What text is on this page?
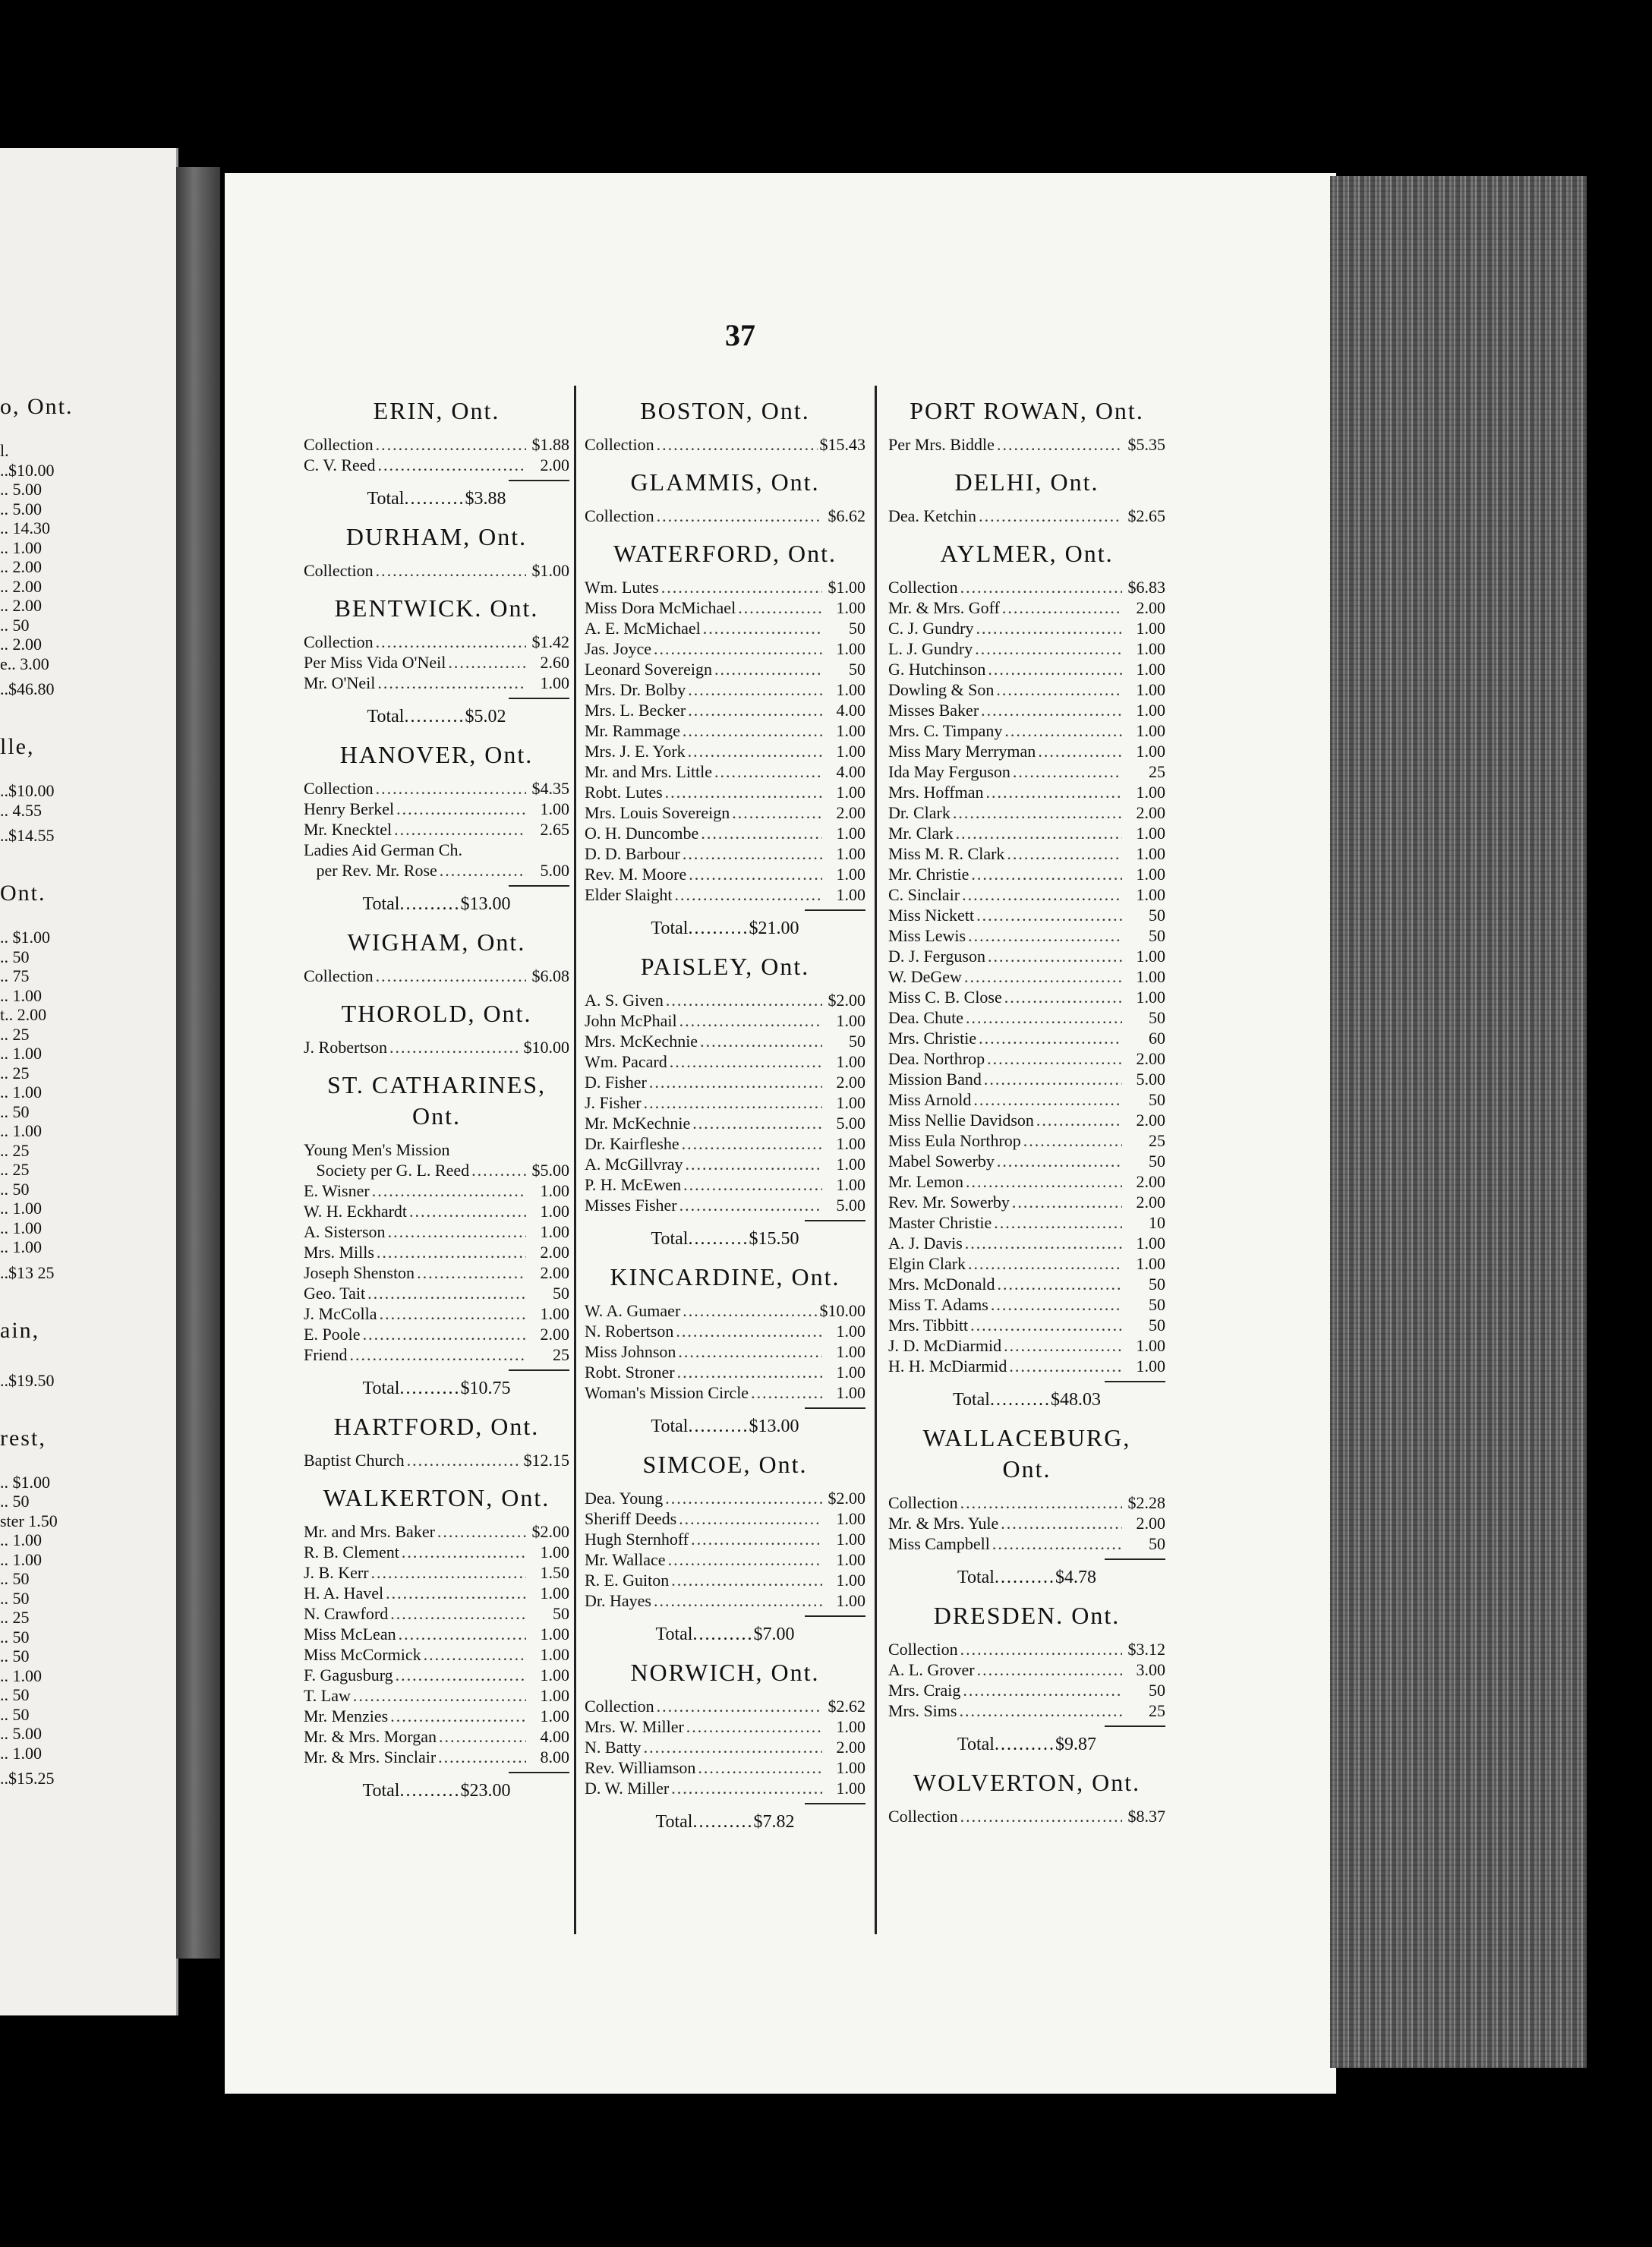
o, Ont.
l.
..$10.00
.. 5.00
.. 5.00
.. 14.30
.. 1.00
.. 2.00
.. 2.00
.. 2.00
.. 50
.. 2.00
e.. 3.00
..$46.80
lle,
..$10.00
.. 4.55
..$14.55
Ont.
.. $1.00
.. 50
.. 75
.. 1.00
t.. 2.00
.. 25
.. 1.00
.. 25
.. 1.00
.. 50
.. 1.00
.. 25
.. 25
.. 50
.. 1.00
.. 1.00
.. 1.00
..$13 25
ain,
..$19.50
rest,
.. $1.00
.. 50
ster 1.50
.. 1.00
.. 1.00
.. 50
.. 50
.. 25
.. 50
.. 50
.. 1.00
.. 50
.. 50
.. 5.00
.. 1.00
..$15.25
37
ERIN, Ont.
Collection .....	$1.88
C. V. Reed .....	2.00
Total .....	$3.88
DURHAM, Ont.
Collection .....	$1.00
BENTWICK. Ont.
Collection .....	$1.42
Per Miss Vida O'Neil .....	2.60
Mr. O'Neil .....	1.00
Total .....	$5.02
HANOVER, Ont.
Collection .....	$4.35
Henry Berkel .....	1.00
Mr. Knecktel .....	2.65
Ladies Aid German Ch.
per Rev. Mr. Rose .....	5.00
Total .....	$13.00
WIGHAM, Ont.
Collection .....	$6.08
THOROLD, Ont.
J. Robertson .....	$10.00
ST. CATHARINES,
Ont.
Young Men's Mission
Society per G. L. Reed .....	$5.00
E. Wisner .....	1.00
W. H. Eckhardt .....	1.00
A. Sisterson .....	1.00
Mrs. Mills .....	2.00
Joseph Shenston .....	2.00
Geo. Tait .....	50
J. McColla .....	1.00
E. Poole .....	2.00
Friend .....	25
Total .....	$10.75
HARTFORD, Ont.
Baptist Church .....	$12.15
WALKERTON, Ont.
Mr. and Mrs. Baker .....	$2.00
R. B. Clement .....	1.00
J. B. Kerr .....	1.50
H. A. Havel .....	1.00
N. Crawford .....	50
Miss McLean .....	1.00
Miss McCormick .....	1.00
F. Gagusburg .....	1.00
T. Law .....	1.00
Mr. Menzies .....	1.00
Mr. & Mrs. Morgan .....	4.00
Mr. & Mrs. Sinclair .....	8.00
Total .....	$23.00
BOSTON, Ont.
Collection .....	$15.43
GLAMMIS, Ont.
Collection .....	$6.62
WATERFORD, Ont.
Wm. Lutes .....	$1.00
Miss Dora McMichael .....	1.00
A. E. McMichael .....	50
Jas. Joyce .....	1.00
Leonard Sovereign .....	50
Mrs. Dr. Bolby .....	1.00
Mrs. L. Becker .....	4.00
Mr. Rammage .....	1.00
Mrs. J. E. York .....	1.00
Mr. and Mrs. Little .....	4.00
Robt. Lutes .....	1.00
Mrs. Louis Sovereign .....	2.00
O. H. Duncombe .....	1.00
D. D. Barbour .....	1.00
Rev. M. Moore .....	1.00
Elder Slaight .....	1.00
Total .....	$21.00
PAISLEY, Ont.
A. S. Given .....	$2.00
John McPhail .....	1.00
Mrs. McKechnie .....	50
Wm. Pacard .....	1.00
D. Fisher .....	2.00
J. Fisher .....	1.00
Mr. McKechnie .....	5.00
Dr. Kairfleshe .....	1.00
A. McGillvray .....	1.00
P. H. McEwen .....	1.00
Misses Fisher .....	5.00
Total .....	$15.50
KINCARDINE, Ont.
W. A. Gumaer .....	$10.00
N. Robertson .....	1.00
Miss Johnson .....	1.00
Robt. Stroner .....	1.00
Woman's Mission Circle .....	1.00
Total .....	$13.00
SIMCOE, Ont.
Dea. Young .....	$2.00
Sheriff Deeds .....	1.00
Hugh Sternhoff .....	1.00
Mr. Wallace .....	1.00
R. E. Guiton .....	1.00
Dr. Hayes .....	1.00
Total .....	$7.00
NORWICH, Ont.
Collection .....	$2.62
Mrs. W. Miller .....	1.00
N. Batty .....	2.00
Rev. Williamson .....	1.00
D. W. Miller .....	1.00
Total .....	$7.82
PORT ROWAN, Ont.
Per Mrs. Biddle .....	$5.35
DELHI, Ont.
Dea. Ketchin .....	$2.65
AYLMER, Ont.
Collection .....	$6.83
Mr. & Mrs. Goff .....	2.00
C. J. Gundry .....	1.00
L. J. Gundry .....	1.00
G. Hutchinson .....	1.00
Dowling & Son .....	1.00
Misses Baker .....	1.00
Mrs. C. Timpany .....	1.00
Miss Mary Merryman .....	1.00
Ida May Ferguson .....	25
Mrs. Hoffman .....	1.00
Dr. Clark .....	2.00
Mr. Clark .....	1.00
Miss M. R. Clark .....	1.00
Mr. Christie .....	1.00
C. Sinclair .....	1.00
Miss Nickett .....	50
Miss Lewis .....	50
D. J. Ferguson .....	1.00
W. DeGew .....	1.00
Miss C. B. Close .....	1.00
Dea. Chute .....	50
Mrs. Christie .....	60
Dea. Northrop .....	2.00
Mission Band .....	5.00
Miss Arnold .....	50
Miss Nellie Davidson .....	2.00
Miss Eula Northrop .....	25
Mabel Sowerby .....	50
Mr. Lemon .....	2.00
Rev. Mr. Sowerby .....	2.00
Master Christie .....	10
A. J. Davis .....	1.00
Elgin Clark .....	1.00
Mrs. McDonald .....	50
Miss T. Adams .....	50
Mrs. Tibbitt .....	50
J. D. McDiarmid .....	1.00
H. H. McDiarmid .....	1.00
Total .....	$48.03
WALLACEBURG,
Ont.
Collection .....	$2.28
Mr. & Mrs. Yule .....	2.00
Miss Campbell .....	50
Total .....	$4.78
DRESDEN. Ont.
Collection .....	$3.12
A. L. Grover .....	3.00
Mrs. Craig .....	50
Mrs. Sims .....	25
Total .....	$9.87
WOLVERTON, Ont.
Collection .....	$8.37
